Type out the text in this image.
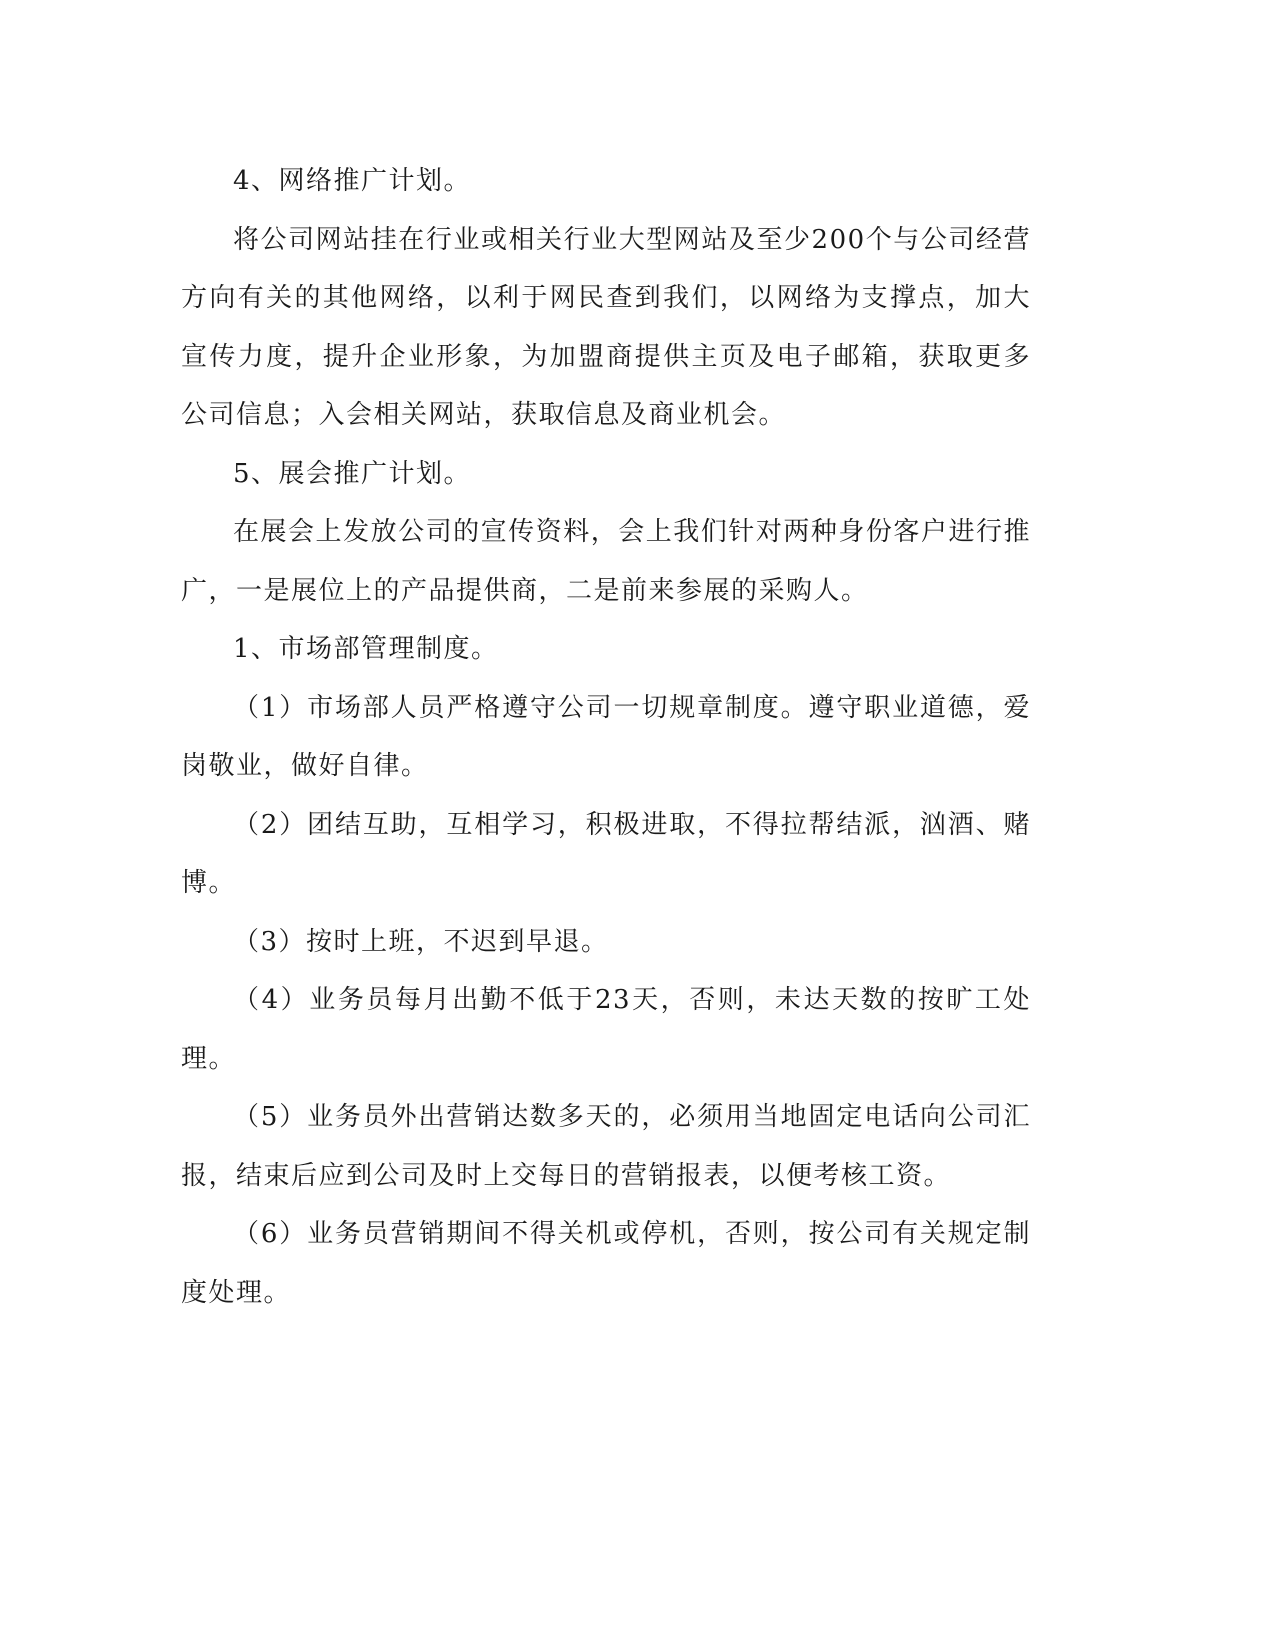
4、网络推广计划。

将公司网站挂在行业或相关行业大型网站及至少200个与公司经营方向有关的其他网络，以利于网民查到我们，以网络为支撑点，加大宣传力度，提升企业形象，为加盟商提供主页及电子邮箱，获取更多公司信息；入会相关网站，获取信息及商业机会。

5、展会推广计划。

在展会上发放公司的宣传资料，会上我们针对两种身份客户进行推广，一是展位上的产品提供商，二是前来参展的采购人。

1、市场部管理制度。

（1）市场部人员严格遵守公司一切规章制度。遵守职业道德，爱岗敬业，做好自律。

（2）团结互助，互相学习，积极进取，不得拉帮结派，汹酒、赌博。

（3）按时上班，不迟到早退。

（4）业务员每月出勤不低于23天，否则，未达天数的按旷工处理。

（5）业务员外出营销达数多天的，必须用当地固定电话向公司汇报，结束后应到公司及时上交每日的营销报表，以便考核工资。

（6）业务员营销期间不得关机或停机，否则，按公司有关规定制度处理。
